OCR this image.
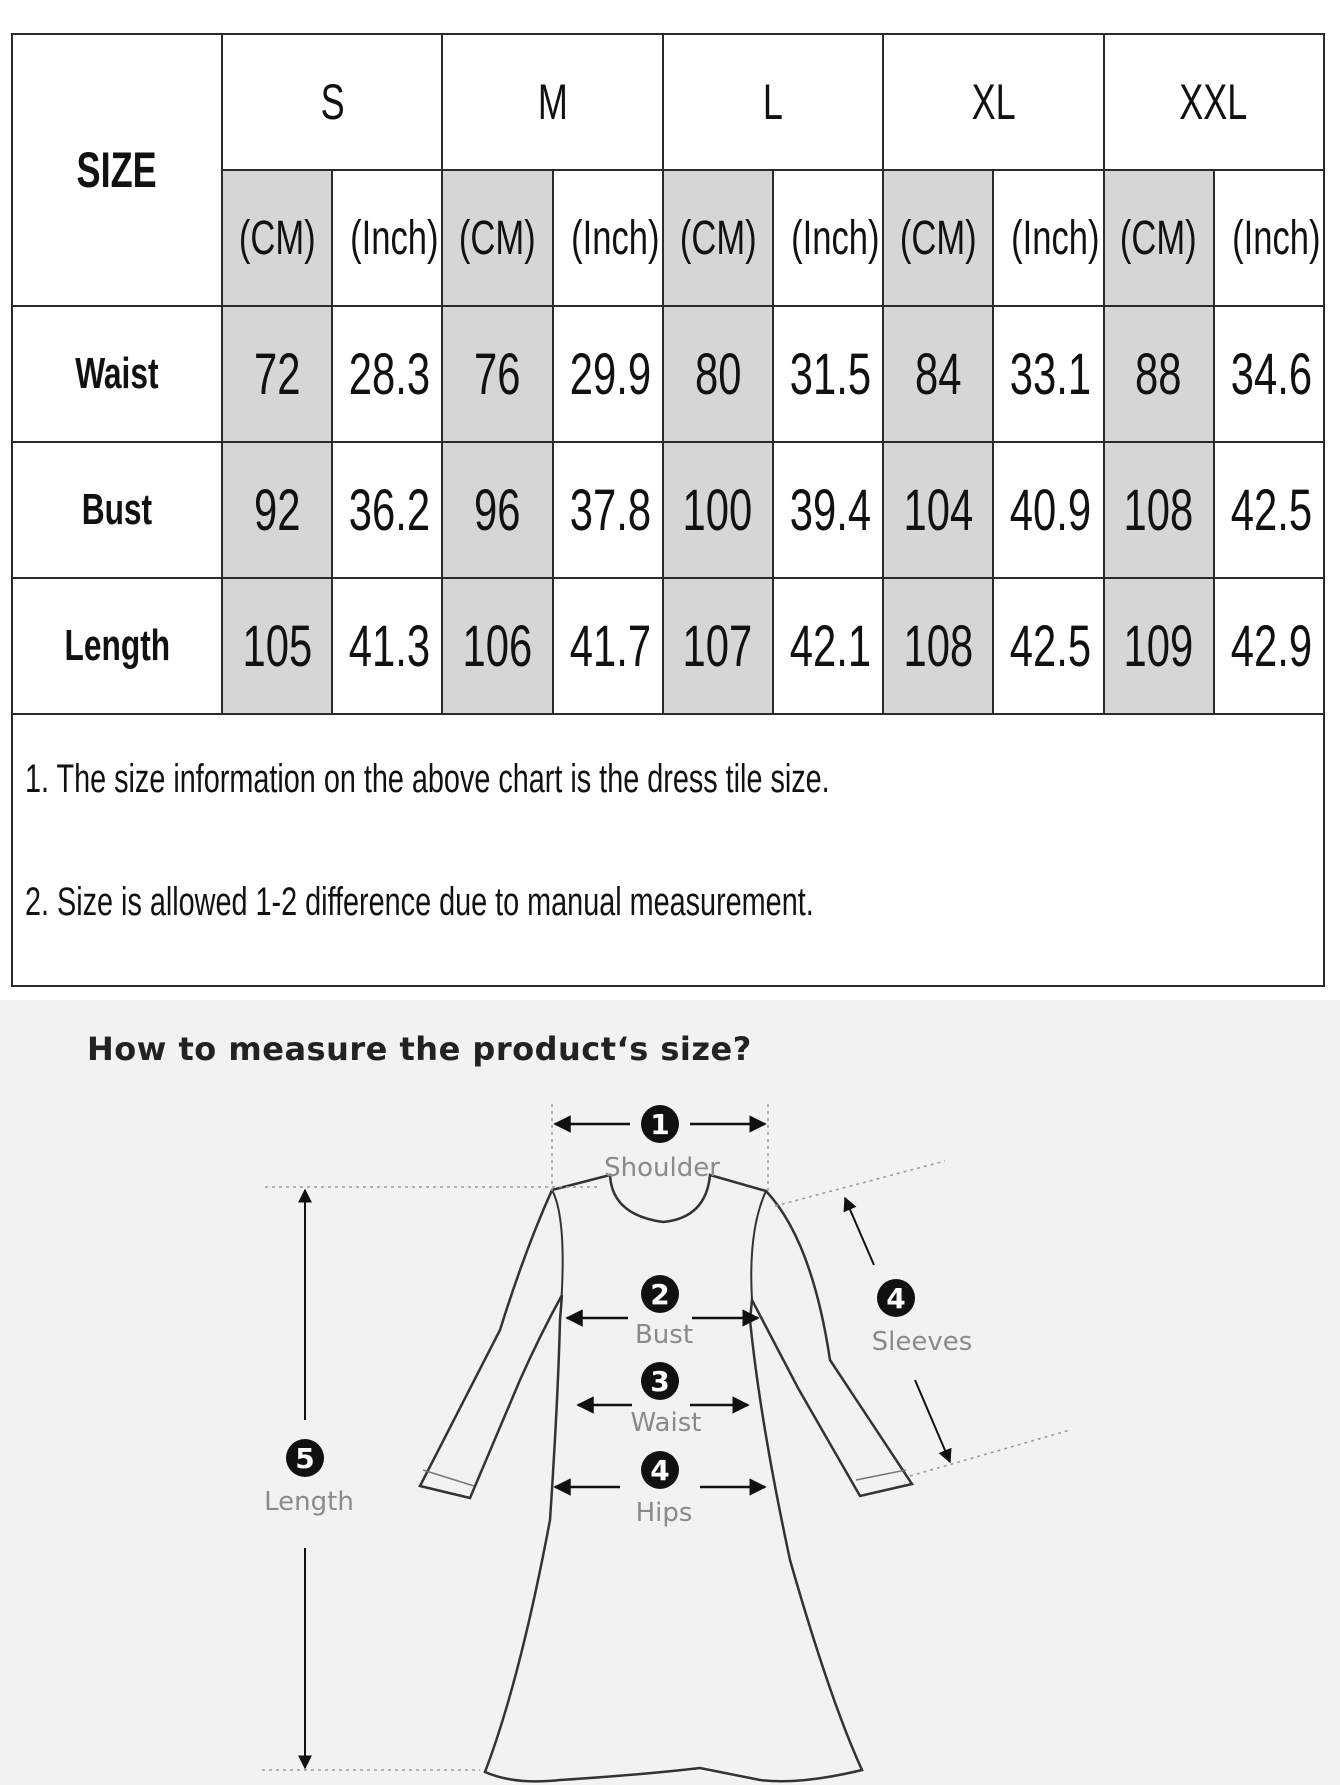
SIZE	S		M		L		XL		XXL	
	(CM)	(Inch)	(CM)	(Inch)	(CM)	(Inch)	(CM)	(Inch)	(CM)	(Inch)
Waist	72	28.3	76	29.9	80	31.5	84	33.1	88	34.6
Bust	92	36.2	96	37.8	100	39.4	104	40.9	108	42.5
Length	105	41.3	106	41.7	107	42.1	108	42.5	109	42.9

1. The size information on the above chart is the dress tile size.
2. Size is allowed 1-2 difference due to manual measurement.										
How to measure the product‘s size?
1
Shoulder
2
Bust
3
Waist
4
Hips
4
Sleeves
5
Length
